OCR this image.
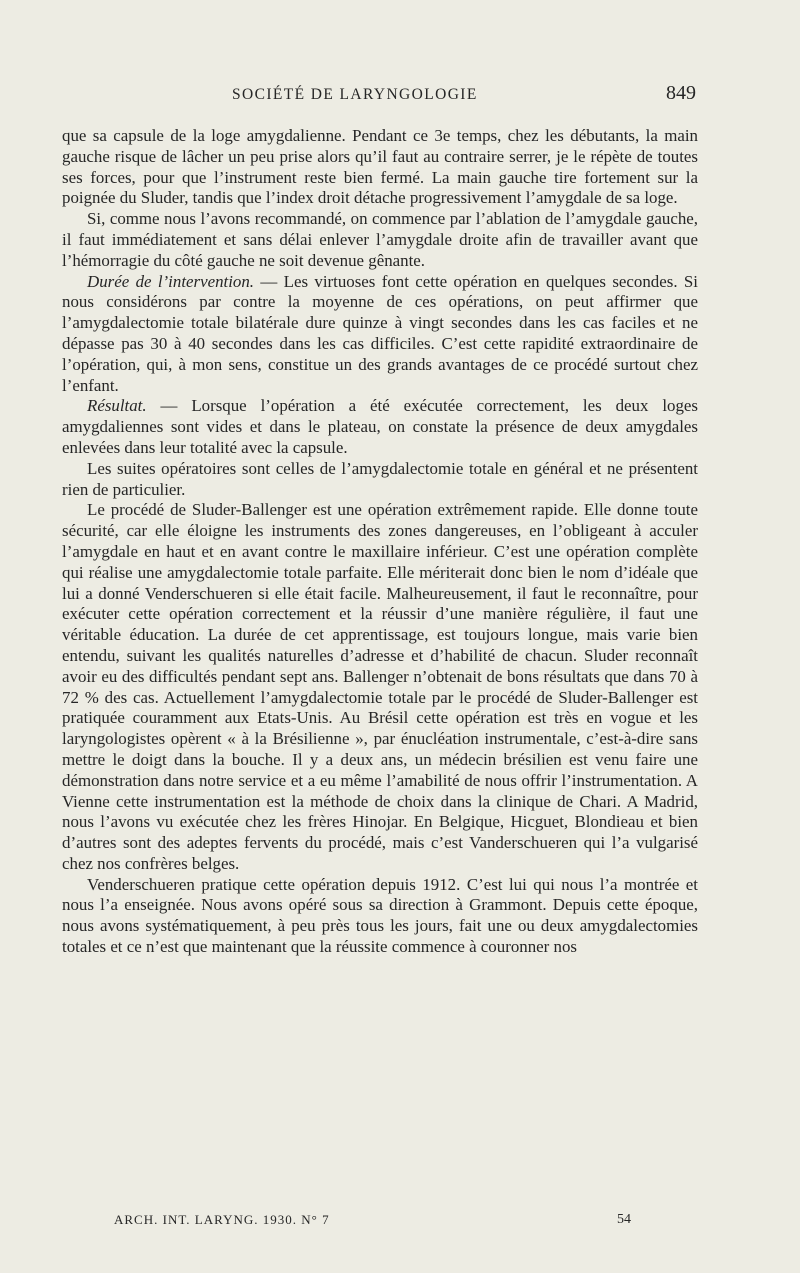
SOCIÉTÉ DE LARYNGOLOGIE	849

que sa capsule de la loge amygdalienne. Pendant ce 3e temps, chez les débutants, la main gauche risque de lâcher un peu prise alors qu’il faut au contraire serrer, je le répète de toutes ses forces, pour que l’instrument reste bien fermé. La main gauche tire fortement sur la poignée du Sluder, tandis que l’index droit détache progressivement l’amygdale de sa loge.

Si, comme nous l’avons recommandé, on commence par l’ablation de l’amygdale gauche, il faut immédiatement et sans délai enlever l’amygdale droite afin de travailler avant que l’hémorragie du côté gauche ne soit devenue gênante.

Durée de l’intervention. — Les virtuoses font cette opération en quelques secondes. Si nous considérons par contre la moyenne de ces opérations, on peut affirmer que l’amygdalectomie totale bilatérale dure quinze à vingt secondes dans les cas faciles et ne dépasse pas 30 à 40 secondes dans les cas difficiles. C’est cette rapidité extraordinaire de l’opération, qui, à mon sens, constitue un des grands avantages de ce procédé surtout chez l’enfant.

Résultat. — Lorsque l’opération a été exécutée correctement, les deux loges amygdaliennes sont vides et dans le plateau, on constate la présence de deux amygdales enlevées dans leur totalité avec la capsule.

Les suites opératoires sont celles de l’amygdalectomie totale en général et ne présentent rien de particulier.

Le procédé de Sluder-Ballenger est une opération extrêmement rapide. Elle donne toute sécurité, car elle éloigne les instruments des zones dangereuses, en l’obligeant à acculer l’amygdale en haut et en avant contre le maxillaire inférieur. C’est une opération complète qui réalise une amygdalectomie totale parfaite. Elle mériterait donc bien le nom d’idéale que lui a donné Venderschueren si elle était facile. Malheureusement, il faut le reconnaître, pour exécuter cette opération correctement et la réussir d’une manière régulière, il faut une véritable éducation. La durée de cet apprentissage, est toujours longue, mais varie bien entendu, suivant les qualités naturelles d’adresse et d’habilité de chacun. Sluder reconnaît avoir eu des difficultés pendant sept ans. Ballenger n’obtenait de bons résultats que dans 70 à 72 % des cas. Actuellement l’amygdalectomie totale par le procédé de Sluder-Ballenger est pratiquée couramment aux Etats-Unis. Au Brésil cette opération est très en vogue et les laryngologistes opèrent « à la Brésilienne », par énucléation instrumentale, c’est-à-dire sans mettre le doigt dans la bouche. Il y a deux ans, un médecin brésilien est venu faire une démonstration dans notre service et a eu même l’amabilité de nous offrir l’instrumentation. A Vienne cette instrumentation est la méthode de choix dans la clinique de Chari. A Madrid, nous l’avons vu exécutée chez les frères Hinojar. En Belgique, Hicguet, Blondieau et bien d’autres sont des adeptes fervents du procédé, mais c’est Vanderschueren qui l’a vulgarisé chez nos confrères belges.

Venderschueren pratique cette opération depuis 1912. C’est lui qui nous l’a montrée et nous l’a enseignée. Nous avons opéré sous sa direction à Grammont. Depuis cette époque, nous avons systématiquement, à peu près tous les jours, fait une ou deux amygdalectomies totales et ce n’est que maintenant que la réussite commence à couronner nos

ARCH. INT. LARYNG. 1930. N° 7	54
